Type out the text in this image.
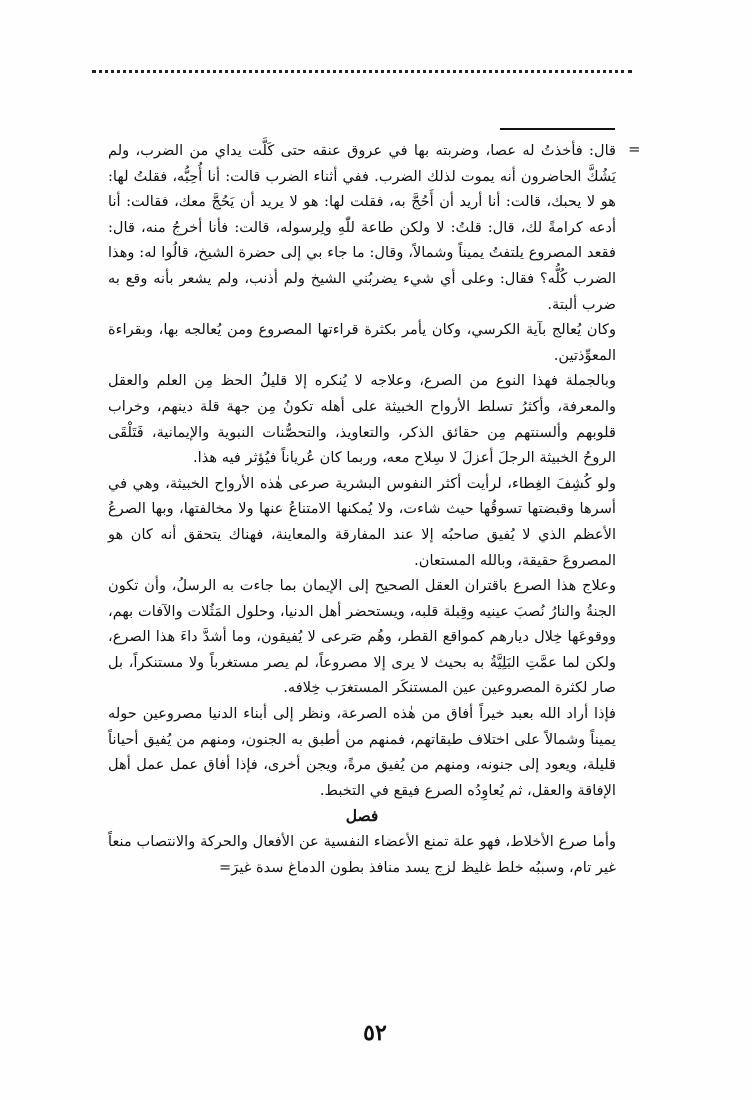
=

قال: فأخذتُ له عصا، وضربته بها في عروق عنقه حتى كَلَّت يداي من الضرب، ولم يَشُكَّ الحاضرون أنه يموت لذلك الضرب. ففي أثناء الضرب قالت: أنا أُحِبُّه، فقلتُ لها: هو لا يحبك، قالت: أنا أريد أن أَحُجَّ به، فقلت لها: هو لا يريد أن يَحُجَّ معك، فقالت: أنا أدعه كرامةً لك، قال: قلتُ: لا ولكن طاعة للّٰهِ ولِرسوله، قالت: فأنا أخرجُ منه، قال: فقعد المصروع يلتفتُ يميناً وشمالاً، وقال: ما جاء بي إلى حضرة الشيخ، قالُوا له: وهذا الضرب كُلُّه؟ فقال: وعلى أي شيء يضربُني الشيخ ولم أذنب، ولم يشعر بأنه وقع به ضرب ألبتة.

وكان يُعالج بآية الكرسي، وكان يأمر بكثرة قراءتها المصروع ومن يُعالجه بها، وبقراءة المعوِّذتين.

وبالجملة فهذا النوع من الصرع، وعلاجه لا يُنكره إلا قليلُ الحظ مِن العلم والعقل والمعرفة، وأكثرُ تسلط الأرواح الخبيثة على أهله تكونُ مِن جهة قلة دينهم، وخراب قلوبهم وألسنتهم مِن حقائق الذكر، والتعاويذ، والتحصُّنات النبوية والإيمانية، فَتَلْقَى الروحُ الخبيثة الرجلَ أعزلَ لا سِلاح معه، وربما كان عُرياناً فيُؤثر فيه هذا.

ولو كُشِفَ الغِطاء، لرأيت أكثر النفوس البشرية صرعى هٰذه الأرواح الخبيثة، وهي في أسرها وقبضتها تسوقُها حيث شاءت، ولا يُمكنها الامتناعُ عنها ولا مخالفتها، وبها الصرعُ الأعظم الذي لا يُفيق صاحبُه إلا عند المفارقة والمعاينة، فهناك يتحقق أنه كان هو المصروعَ حقيقة، وبالله المستعان.

وعلاج هذا الصرع باقتران العقل الصحيح إلى الإيمان بما جاءت به الرسلُ، وأن تكون الجنةُ والنارُ نُصبَ عينيه وقِبلة قلبه، ويستحضر أهل الدنيا، وحلول المَثُلات والآفات بهم، ووقوعَها خِلال ديارهم كمواقع القطر، وهُم صَرعى لا يُفيقون، وما أشدَّ داءَ هذا الصرع، ولكن لما عمَّتِ البَلِيَّةُ به بحيث لا يرى إلا مصروعاً، لم يصر مستغرباً ولا مستنكراً، بل صار لكثرة المصروعين عين المستنكَر المستغرَب خِلافه.

فإذا أراد الله بعبد خيراً أفاق من هٰذه الصرعة، ونظر إلى أبناء الدنيا مصروعين حوله يميناً وشمالاً على اختلاف طبقاتهم، فمنهم من أطبق به الجنون، ومنهم من يُفيق أحياناً قليلة، ويعود إلى جنونه، ومنهم من يُفيق مرةً، ويجن أخرى، فإذا أفاق عمل عمل أهل الإفاقة والعقل، ثم يُعاوِدُه الصرع فيقع في التخبط.

فصل

وأما صرع الأخلاط، فهو علة تمنع الأعضاء النفسية عن الأفعال والحركة والانتصاب منعاً غير تام، وسببُه خلط غليظ لزج يسد منافذ بطون الدماغ سدة غيرَ=

٥٢
